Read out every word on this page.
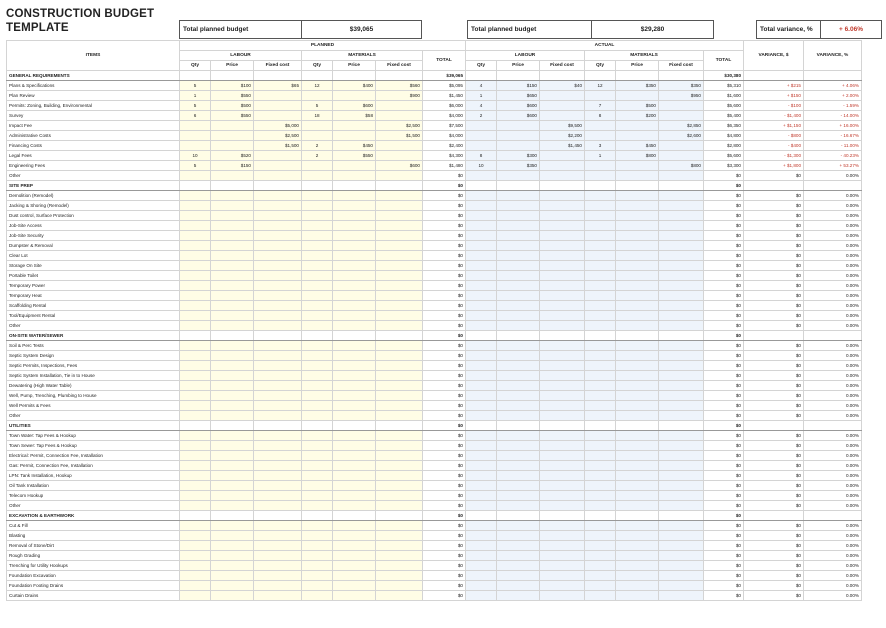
CONSTRUCTION BUDGET
TEMPLATE	Total planned budget	$39,065	Total planned budget	$29,280	Total variance, %	+ 6.06%
ITEMS	PLANNED							ACTUAL							VARIANCE, $	VARIANCE, %
	LABOUR			MATERIALS			TOTAL	LABOUR			MATERIALS			TOTAL		
	Qty	Price	Fixed cost	Qty	Price	Fixed cost		Qty	Price	Fixed cost	Qty	Price	Fixed cost			
GENERAL REQUIREMENTS							$39,065							$30,380		
Plans & Specifications	5	$100	$65	12	$400	$560	$5,095	4	$150	$40	12	$350	$350	$5,310	+ $215	+ 4.06%
Plan Review	1	$550				$900	$1,450	1	$650				$950	$1,600	+ $150	+ 2.00%
Permits: Zoning, Building, Environmental	5	$500		5	$600		$6,000	4	$600		7	$500		$5,600	- $100	- 1.59%
Survey	6	$550		18	$58		$4,000	2	$600		8	$200		$5,400	- $1,400	- 14.00%
Impact Fee			$5,000			$2,500	$7,500			$9,500			$2,850	$6,350	+ $1,150	+ 16.00%
Administrative Costs			$2,500			$1,500	$4,000			$2,200			$2,600	$4,800	- $800	- 16.67%
Financing Costs			$1,500	2	$450		$2,400			$1,450	3	$450		$2,800	- $400	- 11.00%
Legal Fees	10	$520		2	$550		$4,300	8	$300		1	$800		$5,600	- $1,300	- 40.23%
Engineering Fees	5	$150				$600	$1,480	10	$350				$800	$3,300	+ $1,800	+ 53.27%
Other							$0							$0	$0	0.00%
SITE PREP							$0							$0		
Demolition (Remodel)							$0							$0	$0	0.00%
Jacking & Shoring (Remodel)							$0							$0	$0	0.00%
Dust control, Surface Protection							$0							$0	$0	0.00%
Job-Site Access							$0							$0	$0	0.00%
Job-Site Security							$0							$0	$0	0.00%
Dumpster & Removal							$0							$0	$0	0.00%
Clear Lot							$0							$0	$0	0.00%
Storage On Site							$0							$0	$0	0.00%
Portable Toilet							$0							$0	$0	0.00%
Temporary Power							$0							$0	$0	0.00%
Temporary Heat							$0							$0	$0	0.00%
Scaffolding Rental							$0							$0	$0	0.00%
Tool/Equipment Rental							$0							$0	$0	0.00%
Other							$0							$0	$0	0.00%
ON-SITE WATER/SEWER							$0							$0		
Soil & Perc Tests							$0							$0	$0	0.00%
Septic System Design							$0							$0	$0	0.00%
Septic Permits, Inspections, Fees							$0							$0	$0	0.00%
Septic System Installation, Tie in to House							$0							$0	$0	0.00%
Dewatering (High Water Table)							$0							$0	$0	0.00%
Well, Pump, Trenching, Plumbing to House							$0							$0	$0	0.00%
Well Permits & Fees							$0							$0	$0	0.00%
Other							$0							$0	$0	0.00%
UTILITIES							$0							$0		
Town Water: Tap Fees & Hookup							$0							$0	$0	0.00%
Town Sewer: Tap Fees & Hookup							$0							$0	$0	0.00%
Electrical: Permit, Connection Fee, Installation							$0							$0	$0	0.00%
Gas: Permit, Connection Fee, Installation							$0							$0	$0	0.00%
LPN: Tank Installation, Hookup							$0							$0	$0	0.00%
Oil Tank Installation							$0							$0	$0	0.00%
Telecom Hookup							$0							$0	$0	0.00%
Other							$0							$0	$0	0.00%
EXCAVATION & EARTHWORK							$0							$0		
Cut & Fill							$0							$0	$0	0.00%
Blasting							$0							$0	$0	0.00%
Removal of Stone/Dirt							$0							$0	$0	0.00%
Rough Grading							$0							$0	$0	0.00%
Trenching for Utility Hookups							$0							$0	$0	0.00%
Foundation Excavation							$0							$0	$0	0.00%
Foundation Footing Drains							$0							$0	$0	0.00%
Curtain Drains							$0							$0	$0	0.00%
